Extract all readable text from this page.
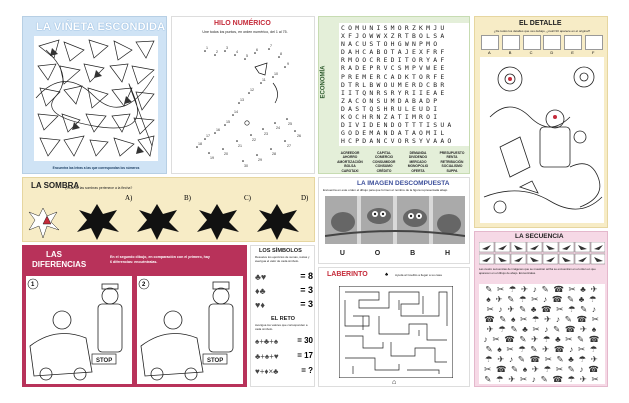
LA VIÑETA ESCONDIDA
Encuentra las letras a las que correspondan los números
HILO NUMÉRICO
Une todos los puntos, en orden numérico, del 1 al 75.
1
2
3
4
5
6
7
8
9
10
11
12
13
14
15
16
17
18
19
20
21
22
23
24
25
26
27
28
29
30
ECONOMÍA
C O M U N I S M O R Z K M J U
X F J O W W X Z R T B O L S A
N A C U S T O H G W N P M O
D A H C A B O T A J E X F R F
R M O O C R E D I T O R Y A F
R A D E P R V C S M P V W E E
P R E M E R C A D K T O R F E
D T R L B W O U M E R D C B R
I I T Q N R S R Y R I I E A E
Z A C O N S U M D A B A D P
D A S T Q S H R U L E U D I
K O C H R N Z A T I M R O I
D I V I D E N D O T T T I S U A
G O D E M A N D A T A O M I L
H C P D A N C V O R S Y V A A O
ACREEDOR	CAPITAL	DEMANDA	PRESUPUESTO
AHORRO	COMERCIO	DIVIDENDO	RENTA
AMORTIZACIÓN	CONSUMIDOR	MERCADO	RETRIBUCIÓN
BOLSA	CONSUMO	MONOPOLIO	SOCIALISMO
CAROTAXI	CRÉDITO	OFERTA	SUPPA
EL DETALLE
¿De todos los detalles que ves debajo, ¿cuál NO aparece en el original?
A	B	C	D	E	F
LA SOMBRA
¿Cuál de las sombras pertenece a la flecha?
A)	B)	C)	D)
LA IMAGEN DESCOMPUESTA
Encuentra en este orden el dibujo para que formen el nombre de la figura representada abajo
U	O	B	H
LAS
DIFERENCIAS
En el segundo dibujo, en comparación con el primero, hay 6 diferencias: encuéntralas.
STOP
1
STOP
2
LOS SÍMBOLOS
Resuelve los ejercicios de sumas, restas y averigua el valor de cada símbolo.
♣♥	= 8
♦♣	= 3
♥♦	= 3
EL RETO
Averigua los valores que corresponden a cada símbolo.
♠+♣+♠ = 30
♣+♠+♥ = 17
♥+♦×♣	= ?
LABERINTO	Ayuda al Coellito a llegar a su casa
♠
⌂
LA SECUENCIA
Las cuatro secuencias de imágenes que se muestran arriba se encuentran en el orden en que aparecen en el dibujo de abajo. Encuéntralas.
✎ ✂ ☂ ✈ ♪ ✎ ☎ ✂ ♣ ✈
♠ ✈ ✎ ☂ ✂ ♪ ☎ ✎ ♣ ☂
✂ ♪ ✈ ✎ ♣ ☎ ✂ ☂ ✎ ♪
☎ ✎ ♠ ✂ ☂ ✈ ♪ ✎ ☎ ✂
✈ ☂ ✎ ♣ ✂ ♪ ✎ ☎ ✈ ♠
♪ ✂ ☎ ✎ ✈ ☂ ♣ ✂ ✎ ☎
✎ ♠ ✂ ☂ ✎ ✈ ☎ ♪ ✂ ☂
☂ ✈ ♪ ✎ ☎ ✂ ✎ ♣ ☂ ✈
✂ ☎ ✎ ♠ ✈ ☂ ✂ ✎ ♪ ☎
✎ ☂ ✈ ✂ ♪ ✎ ☎ ☂ ✈ ✂
